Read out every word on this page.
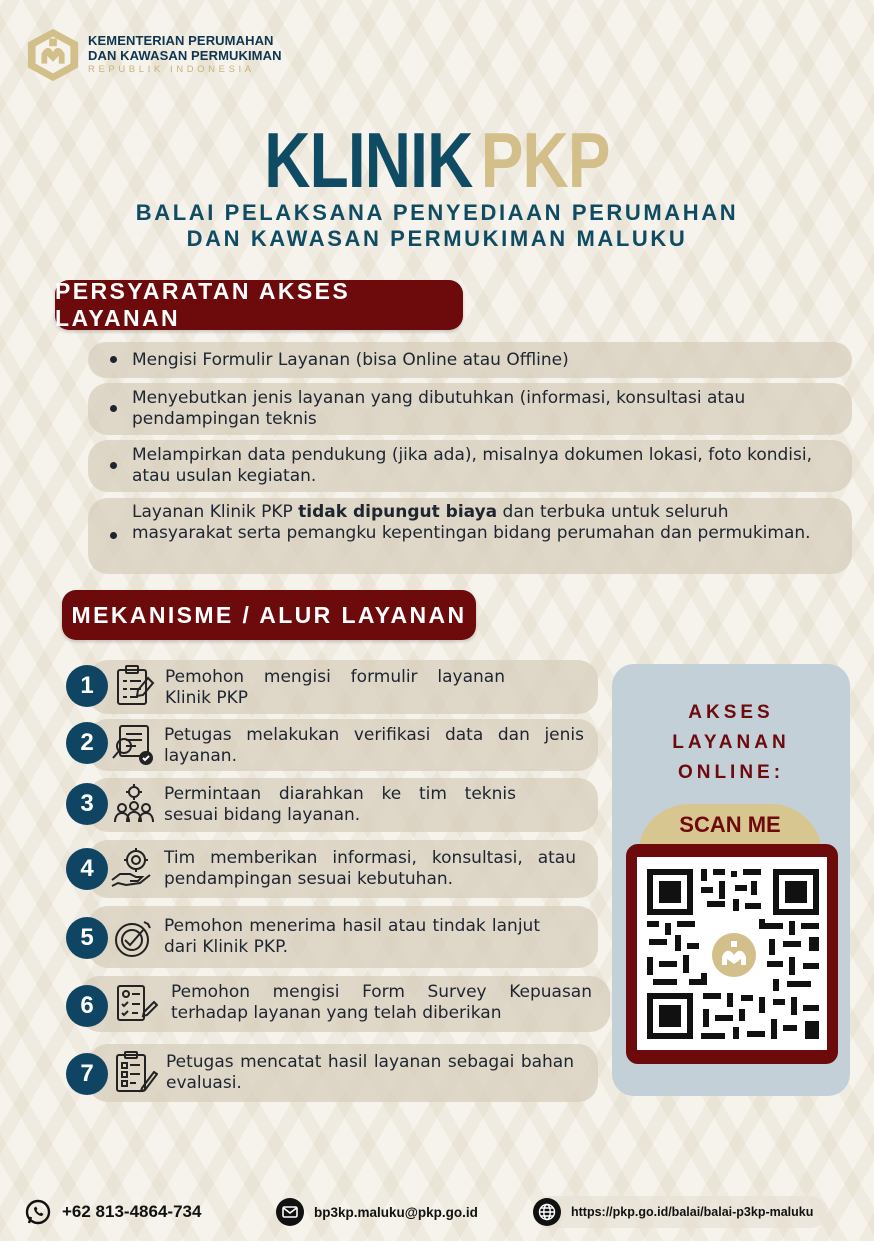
KEMENTERIAN PERUMAHAN
DAN KAWASAN PERMUKIMAN
REPUBLIK INDONESIA
KLINIK PKP
BALAI PELAKSANA PENYEDIAAN PERUMAHAN
DAN KAWASAN PERMUKIMAN MALUKU
PERSYARATAN AKSES LAYANAN
Mengisi Formulir Layanan (bisa Online atau Offline)
Menyebutkan jenis layanan yang dibutuhkan (informasi, konsultasi atau pendampingan teknis
Melampirkan data pendukung (jika ada), misalnya dokumen lokasi, foto kondisi, atau usulan kegiatan.
Layanan Klinik PKP tidak dipungut biaya dan terbuka untuk seluruh masyarakat serta pemangku kepentingan bidang perumahan dan permukiman.
MEKANISME / ALUR LAYANAN
1	Pemohon mengisi formulir layanan Klinik PKP
2	Petugas melakukan verifikasi data dan jenis layanan.
3	Permintaan diarahkan ke tim teknis sesuai bidang layanan.
4	Tim memberikan informasi, konsultasi, atau pendampingan sesuai kebutuhan.
5	Pemohon menerima hasil atau tindak lanjut dari Klinik PKP.
6	Pemohon mengisi Form Survey Kepuasan terhadap layanan yang telah diberikan
7	Petugas mencatat hasil layanan sebagai bahan evaluasi.
AKSES
LAYANAN
ONLINE:
SCAN ME
+62 813-4864-734	bp3kp.maluku@pkp.go.id	https://pkp.go.id/balai/balai-p3kp-maluku
